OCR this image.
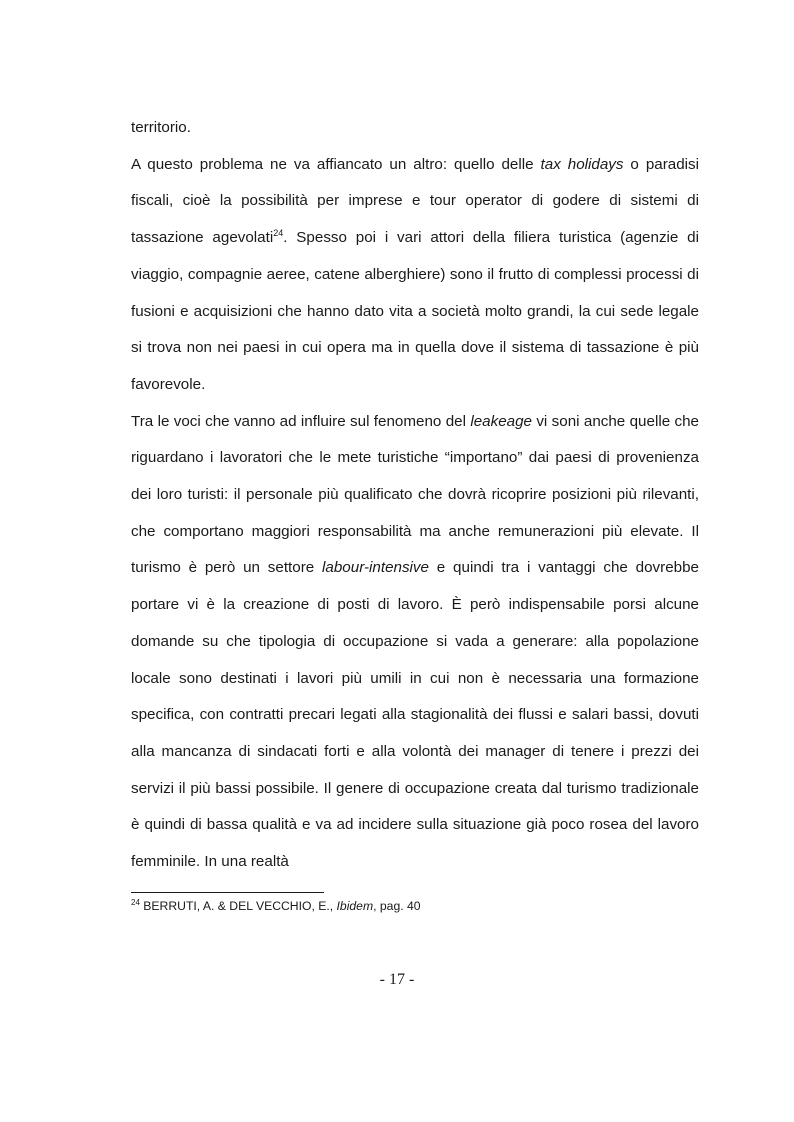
territorio.

A questo problema ne va affiancato un altro: quello delle tax holidays o paradisi fiscali, cioè la possibilità per imprese e tour operator di godere di sistemi di tassazione agevolati$^{24}$. Spesso poi i vari attori della filiera turistica (agenzie di viaggio, compagnie aeree, catene alberghiere) sono il frutto di complessi processi di fusioni e acquisizioni che hanno dato vita a società molto grandi, la cui sede legale si trova non nei paesi in cui opera ma in quella dove il sistema di tassazione è più favorevole.

Tra le voci che vanno ad influire sul fenomeno del leakeage vi soni anche quelle che riguardano i lavoratori che le mete turistiche “importano” dai paesi di provenienza dei loro turisti: il personale più qualificato che dovrà ricoprire posizioni più rilevanti, che comportano maggiori responsabilità ma anche remunerazioni più elevate. Il turismo è però un settore labour-intensive e quindi tra i vantaggi che dovrebbe portare vi è la creazione di posti di lavoro. È però indispensabile porsi alcune domande su che tipologia di occupazione si vada a generare: alla popolazione locale sono destinati i lavori più umili in cui non è necessaria una formazione specifica, con contratti precari legati alla stagionalità dei flussi e salari bassi, dovuti alla mancanza di sindacati forti e alla volontà dei manager di tenere i prezzi dei servizi il più bassi possibile. Il genere di occupazione creata dal turismo tradizionale è quindi di bassa qualità e va ad incidere sulla situazione già poco rosea del lavoro femminile. In una realtà

$^{24}$ BERRUTI, A. & DEL VECCHIO, E., Ibidem, pag. 40
- 17 -
